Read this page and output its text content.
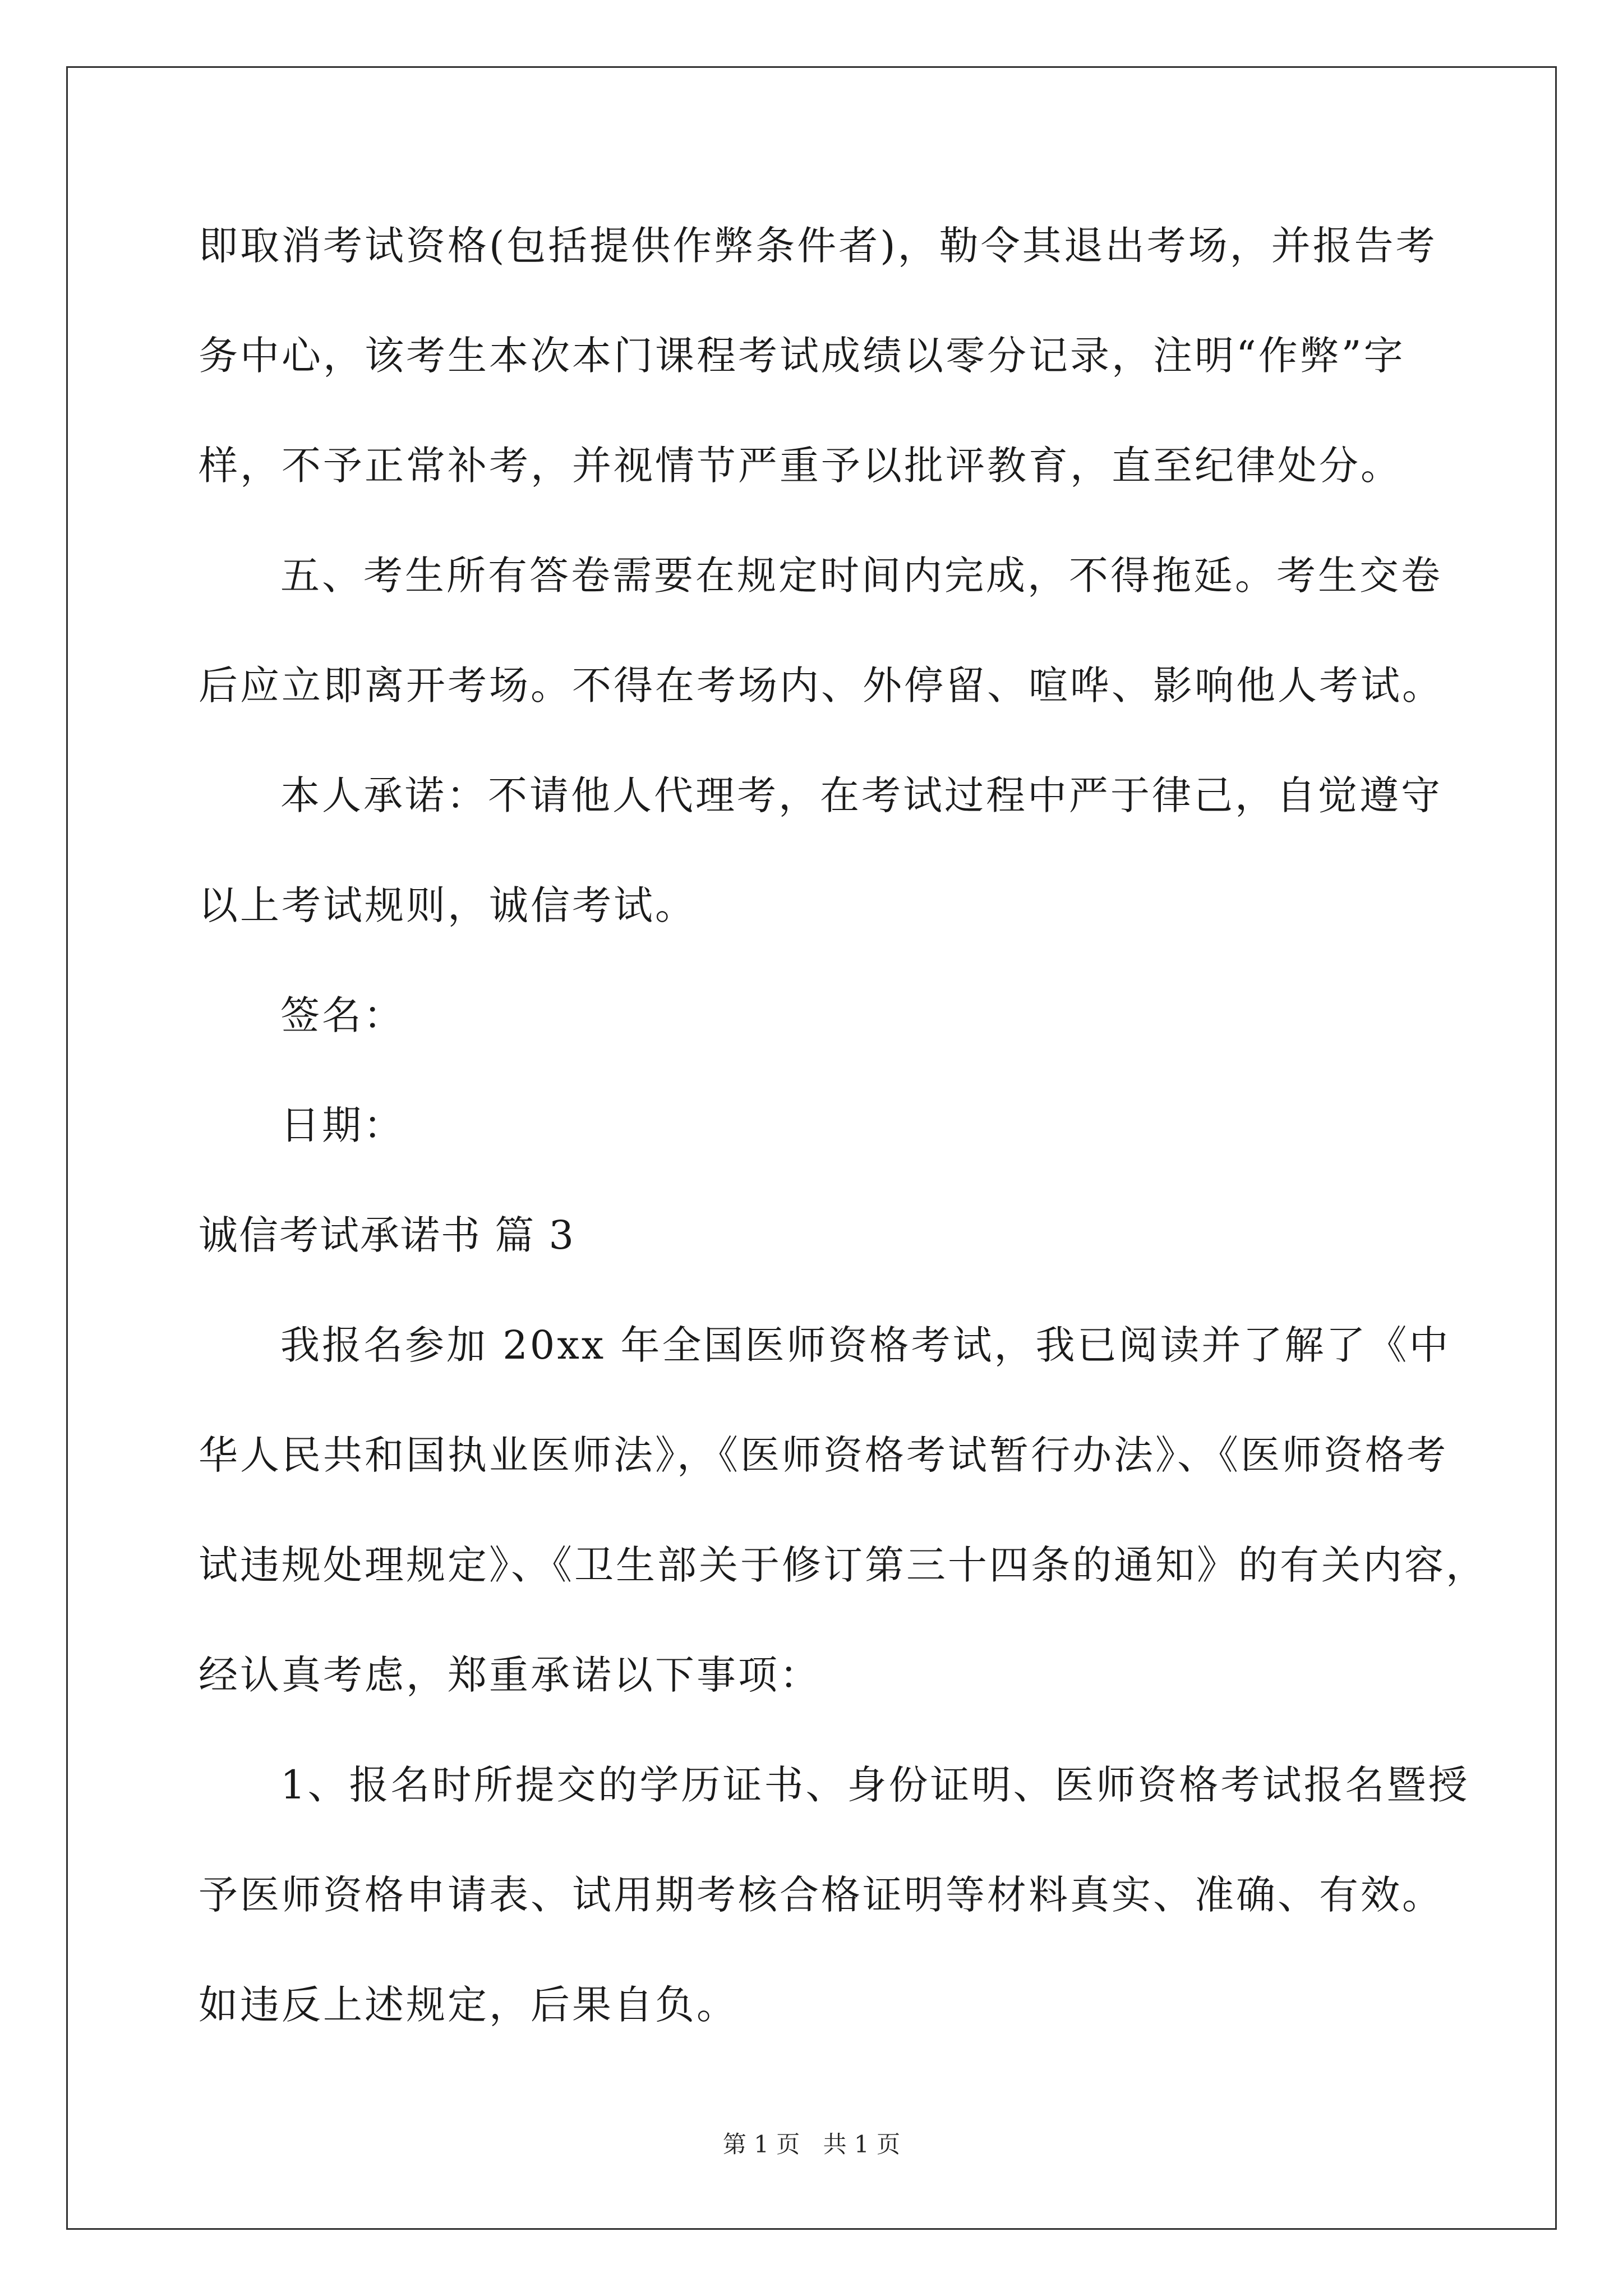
即取消考试资格(包括提供作弊条件者)，勒令其退出考场，并报告考
务中心，该考生本次本门课程考试成绩以零分记录，注明“作弊”字
样，不予正常补考，并视情节严重予以批评教育，直至纪律处分。
五、考生所有答卷需要在规定时间内完成，不得拖延。考生交卷
后应立即离开考场。不得在考场内、外停留、喧哗、影响他人考试。
本人承诺：不请他人代理考，在考试过程中严于律己，自觉遵守
以上考试规则，诚信考试。
签名：
日期：
诚信考试承诺书 篇 3
我报名参加 20xx 年全国医师资格考试，我已阅读并了解了《中
华人民共和国执业医师法》，《医师资格考试暂行办法》、《医师资格考
试违规处理规定》、《卫生部关于修订第三十四条的通知》的有关内容，
经认真考虑，郑重承诺以下事项：
1、报名时所提交的学历证书、身份证明、医师资格考试报名暨授
予医师资格申请表、试用期考核合格证明等材料真实、准确、有效。
如违反上述规定，后果自负。
第 1 页 共 1 页
